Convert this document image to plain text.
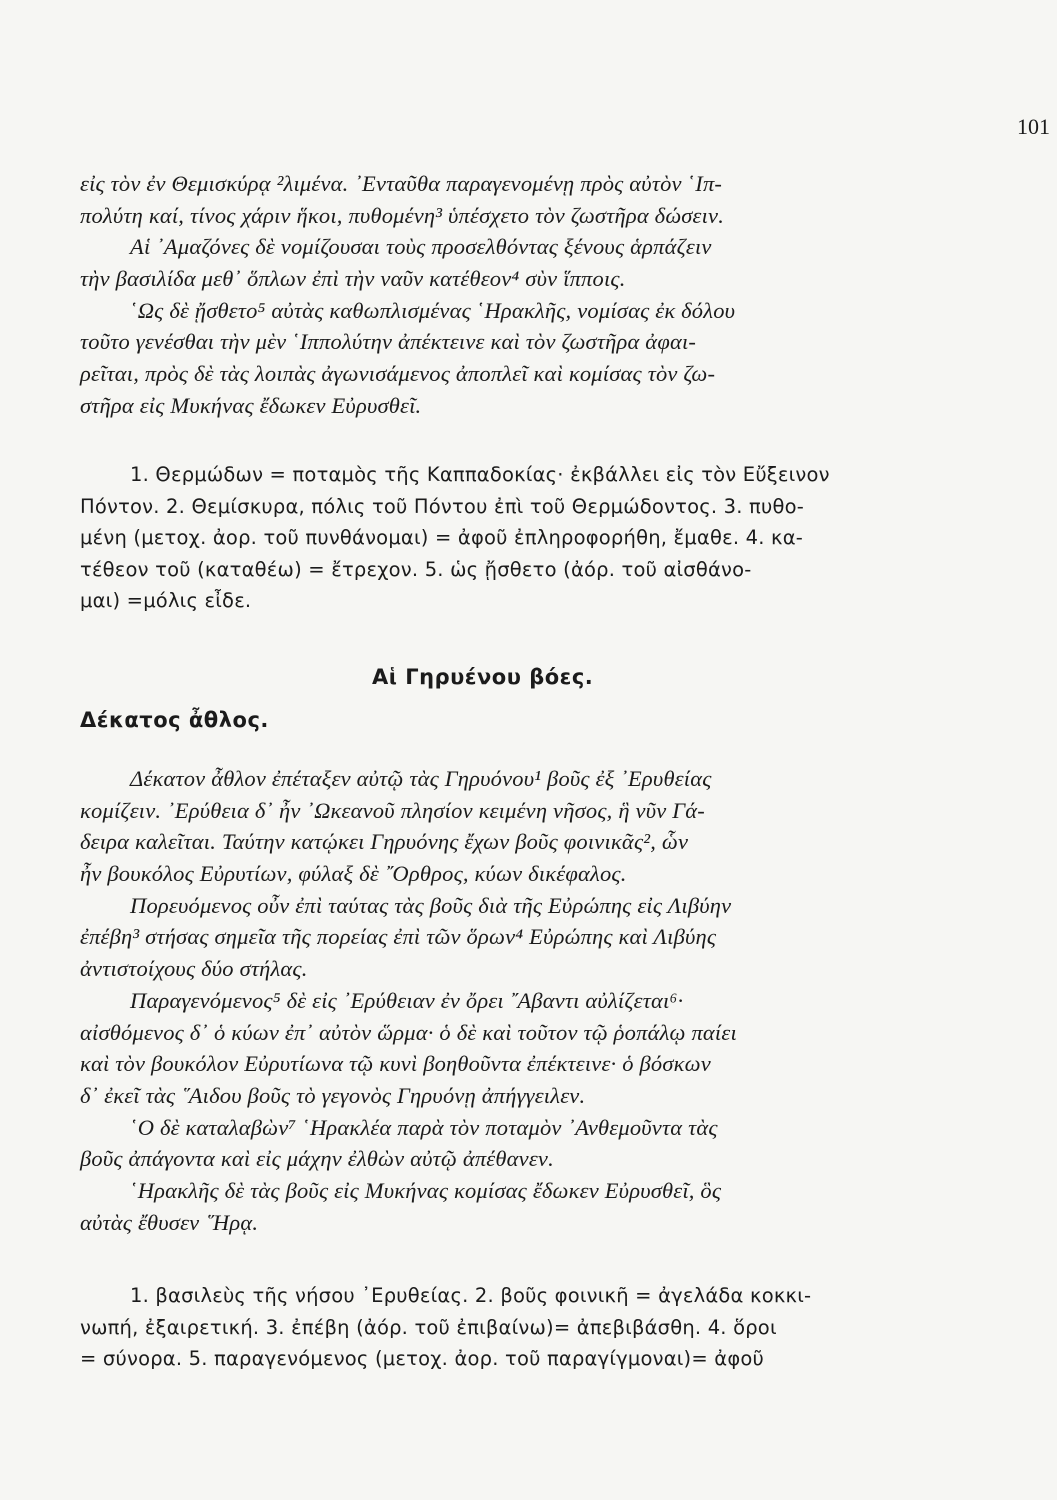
101
εἰς τὸν ἐν Θεμισκύρᾳ ²λιμένα. ᾿Ενταῦθα παραγενομένῃ πρὸς αὐτὸν ῾Ιπ-
πολύτη καί, τίνος χάριν ἥκοι, πυθομένη³ ὑπέσχετο τὸν ζωστῆρα δώσειν.
Αἱ ᾿Αμαζόνες δὲ νομίζουσαι τοὺς προσελθόντας ξένους ἁρπάζειν
τὴν βασιλίδα μεθ᾿ ὅπλων ἐπὶ τὴν ναῦν κατέθεον⁴ σὺν ἵπποις.
῾Ως δὲ ᾔσθετο⁵ αὐτὰς καθωπλισμένας ῾Ηρακλῆς, νομίσας ἐκ δόλου
τοῦτο γενέσθαι τὴν μὲν ῾Ιππολύτην ἀπέκτεινε καὶ τὸν ζωστῆρα ἀφαι-
ρεῖται, πρὸς δὲ τὰς λοιπὰς ἀγωνισάμενος ἀποπλεῖ καὶ κομίσας τὸν ζω-
στῆρα εἰς Μυκήνας ἔδωκεν Εὐρυσθεῖ.
1. Θερμώδων = ποταμὸς τῆς Καππαδοκίας· ἐκβάλλει εἰς τὸν Εὔξεινον
Πόντον. 2. Θεμίσκυρα, πόλις τοῦ Πόντου ἐπὶ τοῦ Θερμώδοντος. 3. πυθο-
μένη (μετοχ. ἀορ. τοῦ πυνθάνομαι) = ἀφοῦ ἐπληροφορήθη, ἔμαθε. 4. κα-
τέθεον τοῦ (καταθέω) = ἔτρεχον. 5. ὡς ᾔσθετο (ἀόρ. τοῦ αἰσθάνο-
μαι) =μόλις εἶδε.
Αἱ Γηρυένου βόες.
Δέκατος ἆθλος.
Δέκατον ἆθλον ἐπέταξεν αὐτῷ τὰς Γηρυόνου¹ βοῦς ἐξ ᾿Ερυθείας
κομίζειν. ᾿Ερύθεια δ᾿ ἦν ᾿Ωκεανοῦ πλησίον κειμένη νῆσος, ἣ νῦν Γά-
δειρα καλεῖται. Ταύτην κατῴκει Γηρυόνης ἔχων βοῦς φοινικᾶς², ὧν
ἦν βουκόλος Εὐρυτίων, φύλαξ δὲ ῎Ορθρος, κύων δικέφαλος.
Πορευόμενος οὖν ἐπὶ ταύτας τὰς βοῦς διὰ τῆς Εὐρώπης εἰς Λιβύην
ἐπέβη³ στήσας σημεῖα τῆς πορείας ἐπὶ τῶν ὅρων⁴ Εὐρώπης καὶ Λιβύης
ἀντιστοίχους δύο στήλας.
Παραγενόμενος⁵ δὲ εἰς ᾿Ερύθειαν ἐν ὄρει ῎Αβαντι αὐλίζεται⁶·
αἰσθόμενος δ᾿ ὁ κύων ἐπ᾿ αὐτὸν ὥρμα· ὁ δὲ καὶ τοῦτον τῷ ῥοπάλῳ παίει
καὶ τὸν βουκόλον Εὐρυτίωνα τῷ κυνὶ βοηθοῦντα ἐπέκτεινε· ὁ βόσκων
δ᾿ ἐκεῖ τὰς ῞Αιδου βοῦς τὸ γεγονὸς Γηρυόνῃ ἀπήγγειλεν.
῾Ο δὲ καταλαβὼν⁷ ῾Ηρακλέα παρὰ τὸν ποταμὸν ᾿Ανθεμοῦντα τὰς
βοῦς ἀπάγοντα καὶ εἰς μάχην ἐλθὼν αὐτῷ ἀπέθανεν.
῾Ηρακλῆς δὲ τὰς βοῦς εἰς Μυκήνας κομίσας ἔδωκεν Εὐρυσθεῖ, ὃς
αὐτὰς ἔθυσεν ῞Ηρᾳ.
1. βασιλεὺς τῆς νήσου ᾿Ερυθείας. 2. βοῦς φοινικῆ = ἀγελάδα κοκκι-
νωπή, ἐξαιρετική. 3. ἐπέβη (ἀόρ. τοῦ ἐπιβαίνω)= ἀπεβιβάσθη. 4. ὅροι
= σύνορα. 5. παραγενόμενος (μετοχ. ἀορ. τοῦ παραγίγμοναι)= ἀφοῦ
